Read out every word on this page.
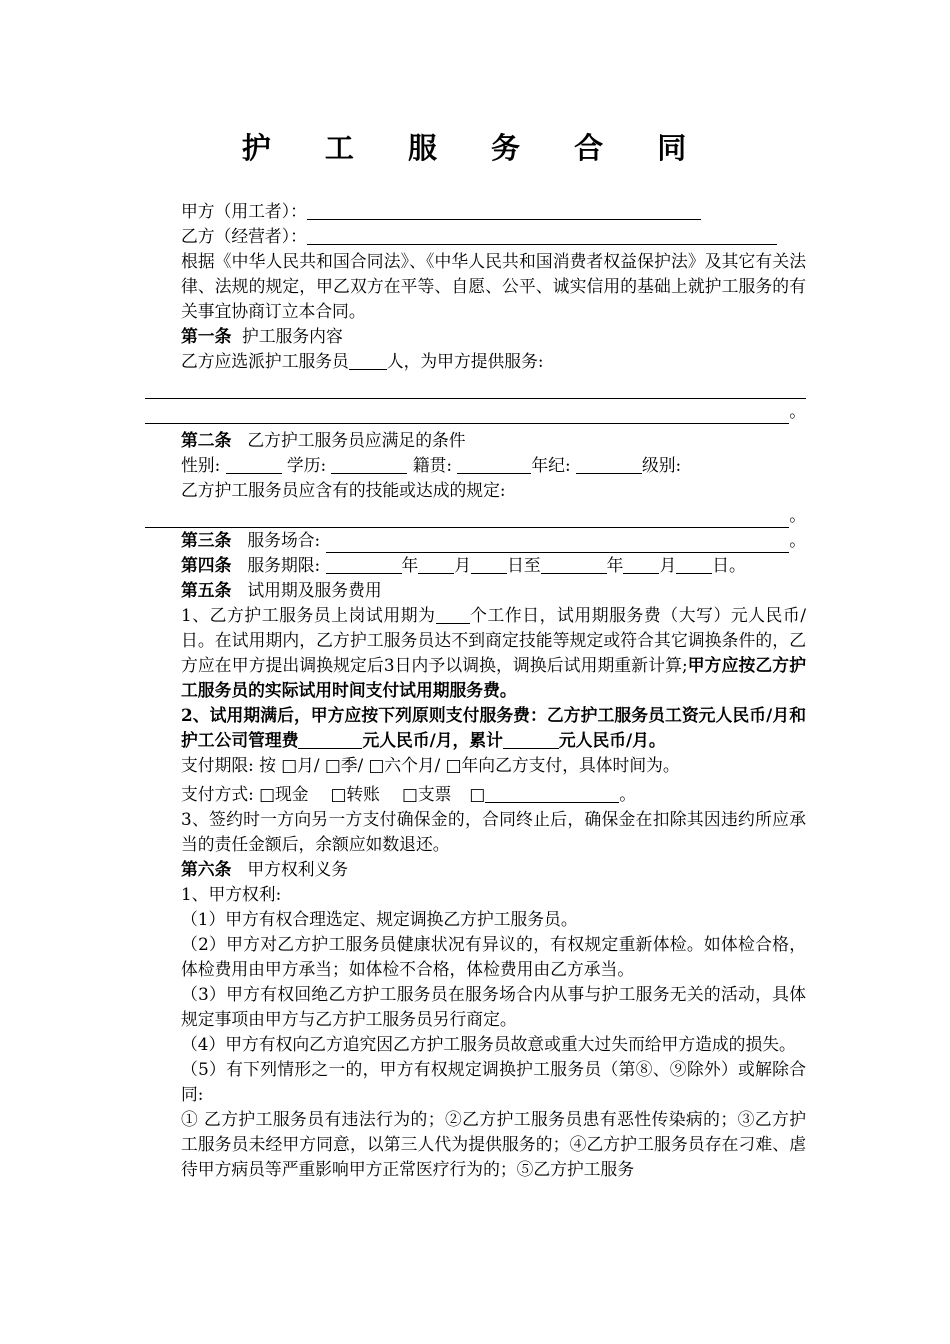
护 工 服 务 合 同
甲方（用工者）：
乙方（经营者）：

根据《中华人民共和国合同法》、《中华人民共和国消费者权益保护法》及其它有关法律、法规的规定，甲乙双方在平等、自愿、公平、诚实信用的基础上就护工服务的有关事宜协商订立本合同。

第一条 护工服务内容
乙方应选派护工服务员 人，为甲方提供服务:
。
第二条 乙方护工服务员应满足的条件
性别:	学历:	籍贯:	年纪:	级别:
乙方护工服务员应含有的技能或达成的规定:
。
第三条
服务场合:
	。
第四条 服务期限:	年 月 日至	年 月 日。
第五条 试用期及服务费用

1、乙方护工服务员上岗试用期为 个工作日，试用期服务费（大写）元人民币/日。在试用期内，乙方护工服务员达不到商定技能等规定或符合其它调换条件的，乙方应在甲方提出调换规定后3日内予以调换，调换后试用期重新计算;甲方应按乙方护工服务员的实际试用时间支付试用期服务费。

2、试用期满后，甲方应按下列原则支付服务费：乙方护工服务员工资元人民币/月和护工公司管理费	元人民币/月，累计	元人民币/月。

支付期限: 按 □月/ □季/ □六个月/ □年向乙方支付，具体时间为。

支付方式: □现金 □转账 □支票 □	。

3、签约时一方向另一方支付确保金的，合同终止后，确保金在扣除其因违约所应承当的责任金额后，余额应如数退还。

第六条 甲方权利义务
1、甲方权利:

（1）甲方有权合理选定、规定调换乙方护工服务员。

（2）甲方对乙方护工服务员健康状况有异议的，有权规定重新体检。如体检合格，体检费用由甲方承当；如体检不合格，体检费用由乙方承当。

（3）甲方有权回绝乙方护工服务员在服务场合内从事与护工服务无关的活动，具体规定事项由甲方与乙方护工服务员另行商定。

（4）甲方有权向乙方追究因乙方护工服务员故意或重大过失而给甲方造成的损失。

（5）有下列情形之一的，甲方有权规定调换护工服务员（第⑧、⑨除外）或解除合同:

① 乙方护工服务员有违法行为的；②乙方护工服务员患有恶性传染病的；③乙方护工服务员未经甲方同意，以第三人代为提供服务的；④乙方护工服务员存在刁难、虐待甲方病员等严重影响甲方正常医疗行为的；⑤乙方护工服务
